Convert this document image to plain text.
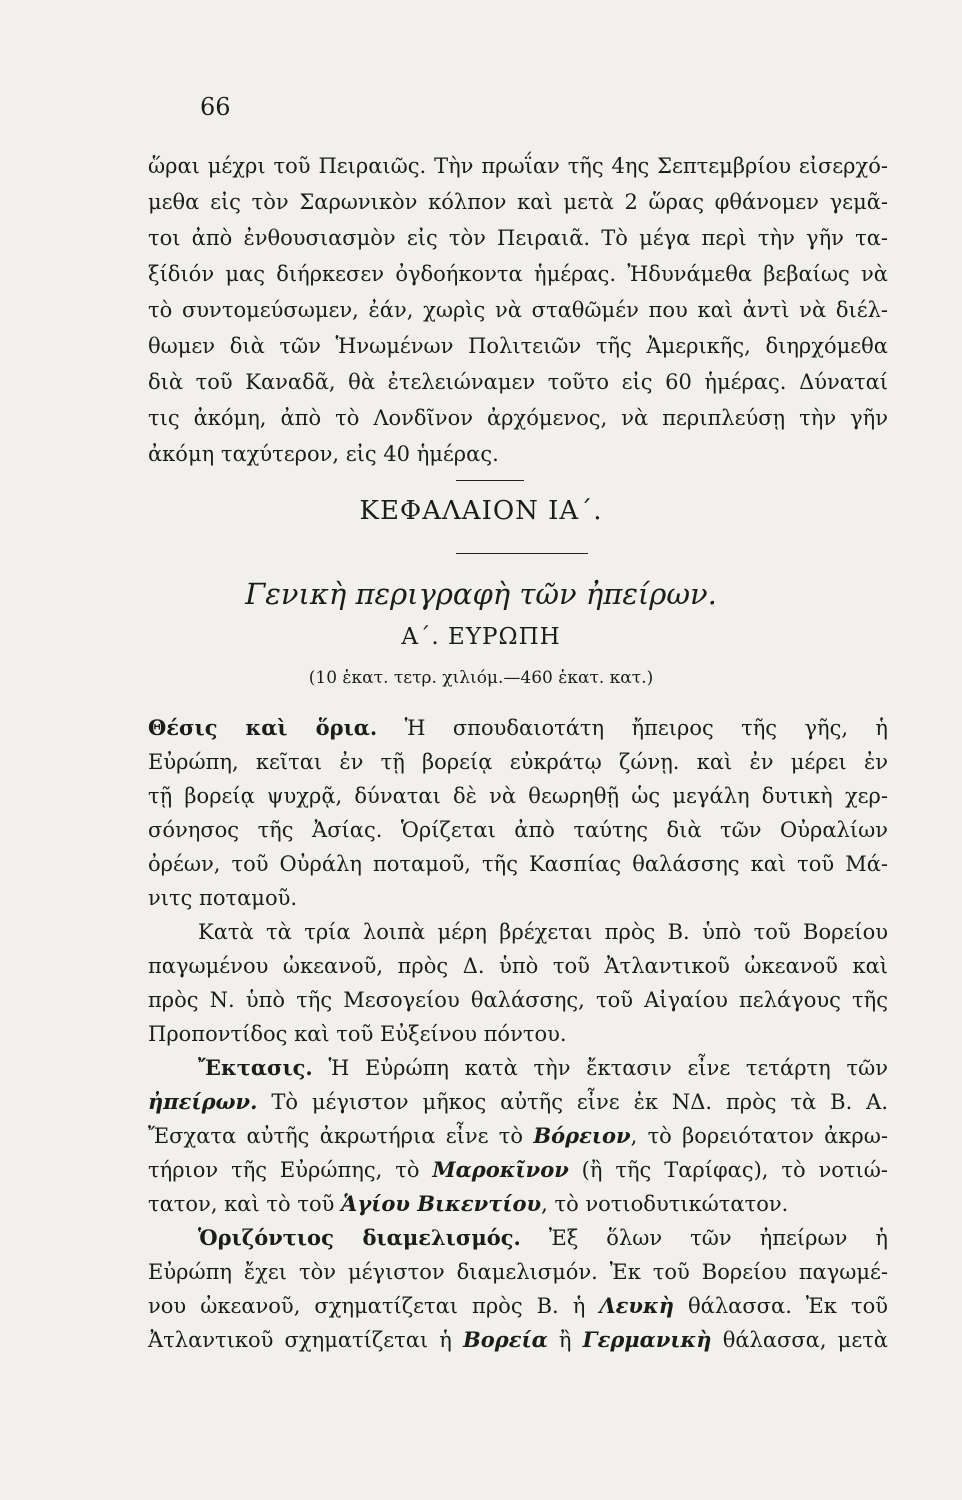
66
ὥραι μέχρι τοῦ Πειραιῶς. Τὴν πρωΐαν τῆς 4ης Σεπτεμβρίου εἰσερχό-
μεθα εἰς τὸν Σαρωνικὸν κόλπον καὶ μετὰ 2 ὥρας φθάνομεν γεμᾶ-
τοι ἀπὸ ἐνθουσιασμὸν εἰς τὸν Πειραιᾶ. Τὸ μέγα περὶ τὴν γῆν τα-
ξίδιόν μας διήρκεσεν ὀγδοήκοντα ἡμέρας. Ἠδυνάμεθα βεβαίως νὰ
τὸ συντομεύσωμεν, ἐάν, χωρὶς νὰ σταθῶμέν που καὶ ἀντὶ νὰ διέλ-
θωμεν διὰ τῶν Ἡνωμένων Πολιτειῶν τῆς Ἀμερικῆς, διηρχόμεθα
διὰ τοῦ Καναδᾶ, θὰ ἐτελειώναμεν τοῦτο εἰς 60 ἡμέρας. Δύναταί
τις ἀκόμη, ἀπὸ τὸ Λονδῖνον ἀρχόμενος, νὰ περιπλεύσῃ τὴν γῆν
ἀκόμη ταχύτερον, εἰς 40 ἡμέρας.
ΚΕΦΑΛΑΙΟΝ ΙΑ΄.
Γενικὴ περιγραφὴ τῶν ἠπείρων.
Α΄. ΕΥΡΩΠΗ
(10 ἑκατ. τετρ. χιλιόμ.—460 ἑκατ. κατ.)
Θέσις καὶ ὅρια. Ἡ σπουδαιοτάτη ἤπειρος τῆς γῆς, ἡ
Εὐρώπη, κεῖται ἐν τῇ βορείᾳ εὐκράτῳ ζώνῃ. καὶ ἐν μέρει ἐν
τῇ βορείᾳ ψυχρᾷ, δύναται δὲ νὰ θεωρηθῇ ὡς μεγάλη δυτικὴ χερ-
σόνησος τῆς Ἀσίας. Ὁρίζεται ἀπὸ ταύτης διὰ τῶν Οὐραλίων
ὀρέων, τοῦ Οὐράλη ποταμοῦ, τῆς Κασπίας θαλάσσης καὶ τοῦ Μά-
νιτς ποταμοῦ.
Κατὰ τὰ τρία λοιπὰ μέρη βρέχεται πρὸς Β. ὑπὸ τοῦ Βορείου
παγωμένου ὠκεανοῦ, πρὸς Δ. ὑπὸ τοῦ Ἀτλαντικοῦ ὠκεανοῦ καὶ
πρὸς Ν. ὑπὸ τῆς Μεσογείου θαλάσσης, τοῦ Αἰγαίου πελάγους τῆς
Προποντίδος καὶ τοῦ Εὐξείνου πόντου.
Ἔκτασις. Ἡ Εὐρώπη κατὰ τὴν ἔκτασιν εἶνε τετάρτη τῶν
ἠπείρων. Τὸ μέγιστον μῆκος αὐτῆς εἶνε ἐκ ΝΔ. πρὸς τὰ Β. Α.
Ἔσχατα αὐτῆς ἀκρωτήρια εἶνε τὸ Βόρειον, τὸ βορειότατον ἀκρω-
τήριον τῆς Εὐρώπης, τὸ Μαροκῖνον (ἢ τῆς Ταρίφας), τὸ νοτιώ-
τατον, καὶ τὸ τοῦ Ἁγίου Βικεντίου, τὸ νοτιοδυτικώτατον.
Ὁριζόντιος διαμελισμός. Ἐξ ὅλων τῶν ἠπείρων ἡ
Εὐρώπη ἔχει τὸν μέγιστον διαμελισμόν. Ἐκ τοῦ Βορείου παγωμέ-
νου ὠκεανοῦ, σχηματίζεται πρὸς Β. ἡ Λευκὴ θάλασσα. Ἐκ τοῦ
Ἀτλαντικοῦ σχηματίζεται ἡ Βορεία ἢ Γερμανικὴ θάλασσα, μετὰ
